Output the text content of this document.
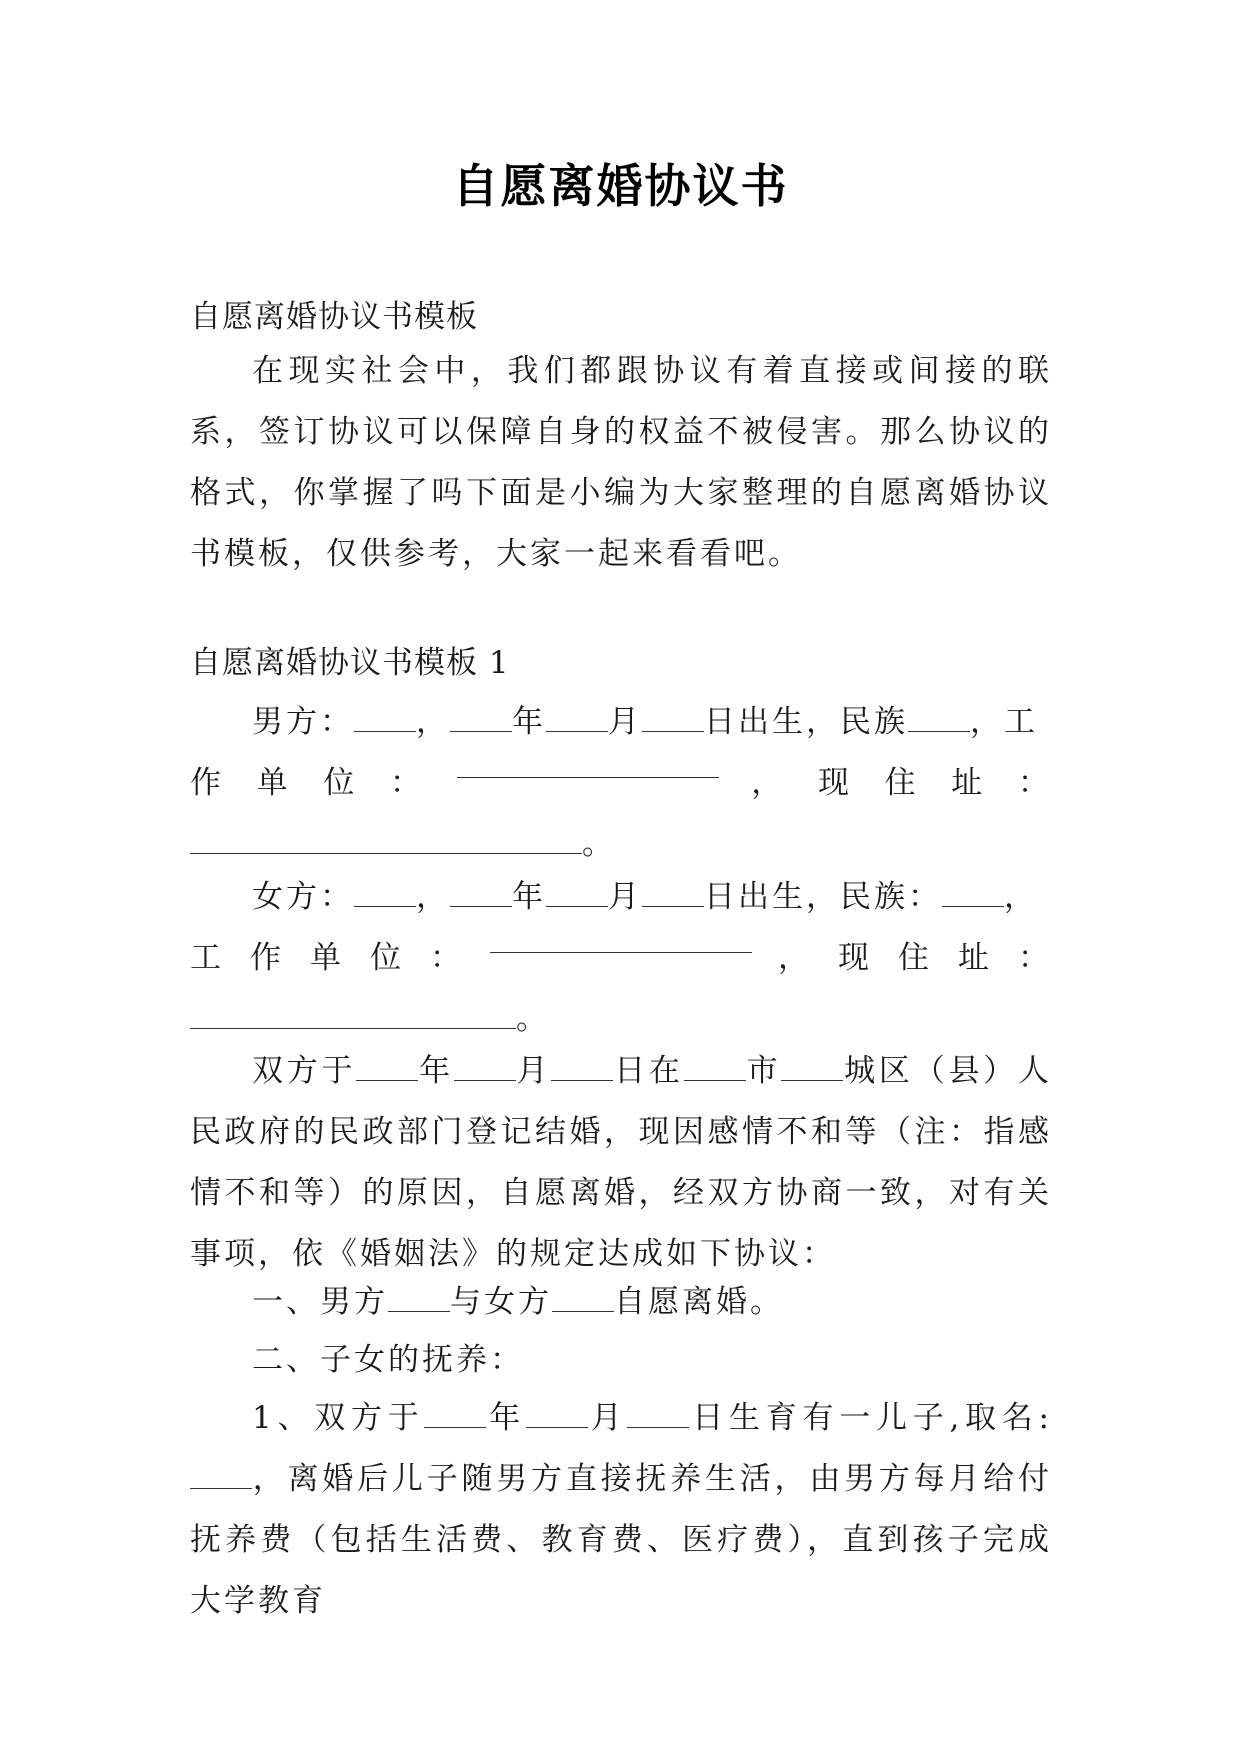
自愿离婚协议书
自愿离婚协议书模板

在现实社会中，我们都跟协议有着直接或间接的联系，签订协议可以保障自身的权益不被侵害。那么协议的格式，你掌握了吗下面是小编为大家整理的自愿离婚协议书模板，仅供参考，大家一起来看看吧。

自愿离婚协议书模板 1
男方： ， 年 月 日出生，民族 ，工
作 单 位 ：	， 现 住 址 ：
。
女方： ， 年 月 日出生，民族： ，
工 作 单 位 ：	， 现 住 址 ：
。

双方于 年 月 日在 市 城区（县）人民政府的民政部门登记结婚，现因感情不和等（注：指感情不和等）的原因，自愿离婚，经双方协商一致，对有关事项，依《婚姻法》的规定达成如下协议：

一、男方 与女方 自愿离婚。
二、子女的抚养：

1、双方于 年 月 日生育有一儿子,取名:，离婚后儿子随男方直接抚养生活，由男方每月给付抚养费（包括生活费、教育费、医疗费），直到孩子完成大学教育
